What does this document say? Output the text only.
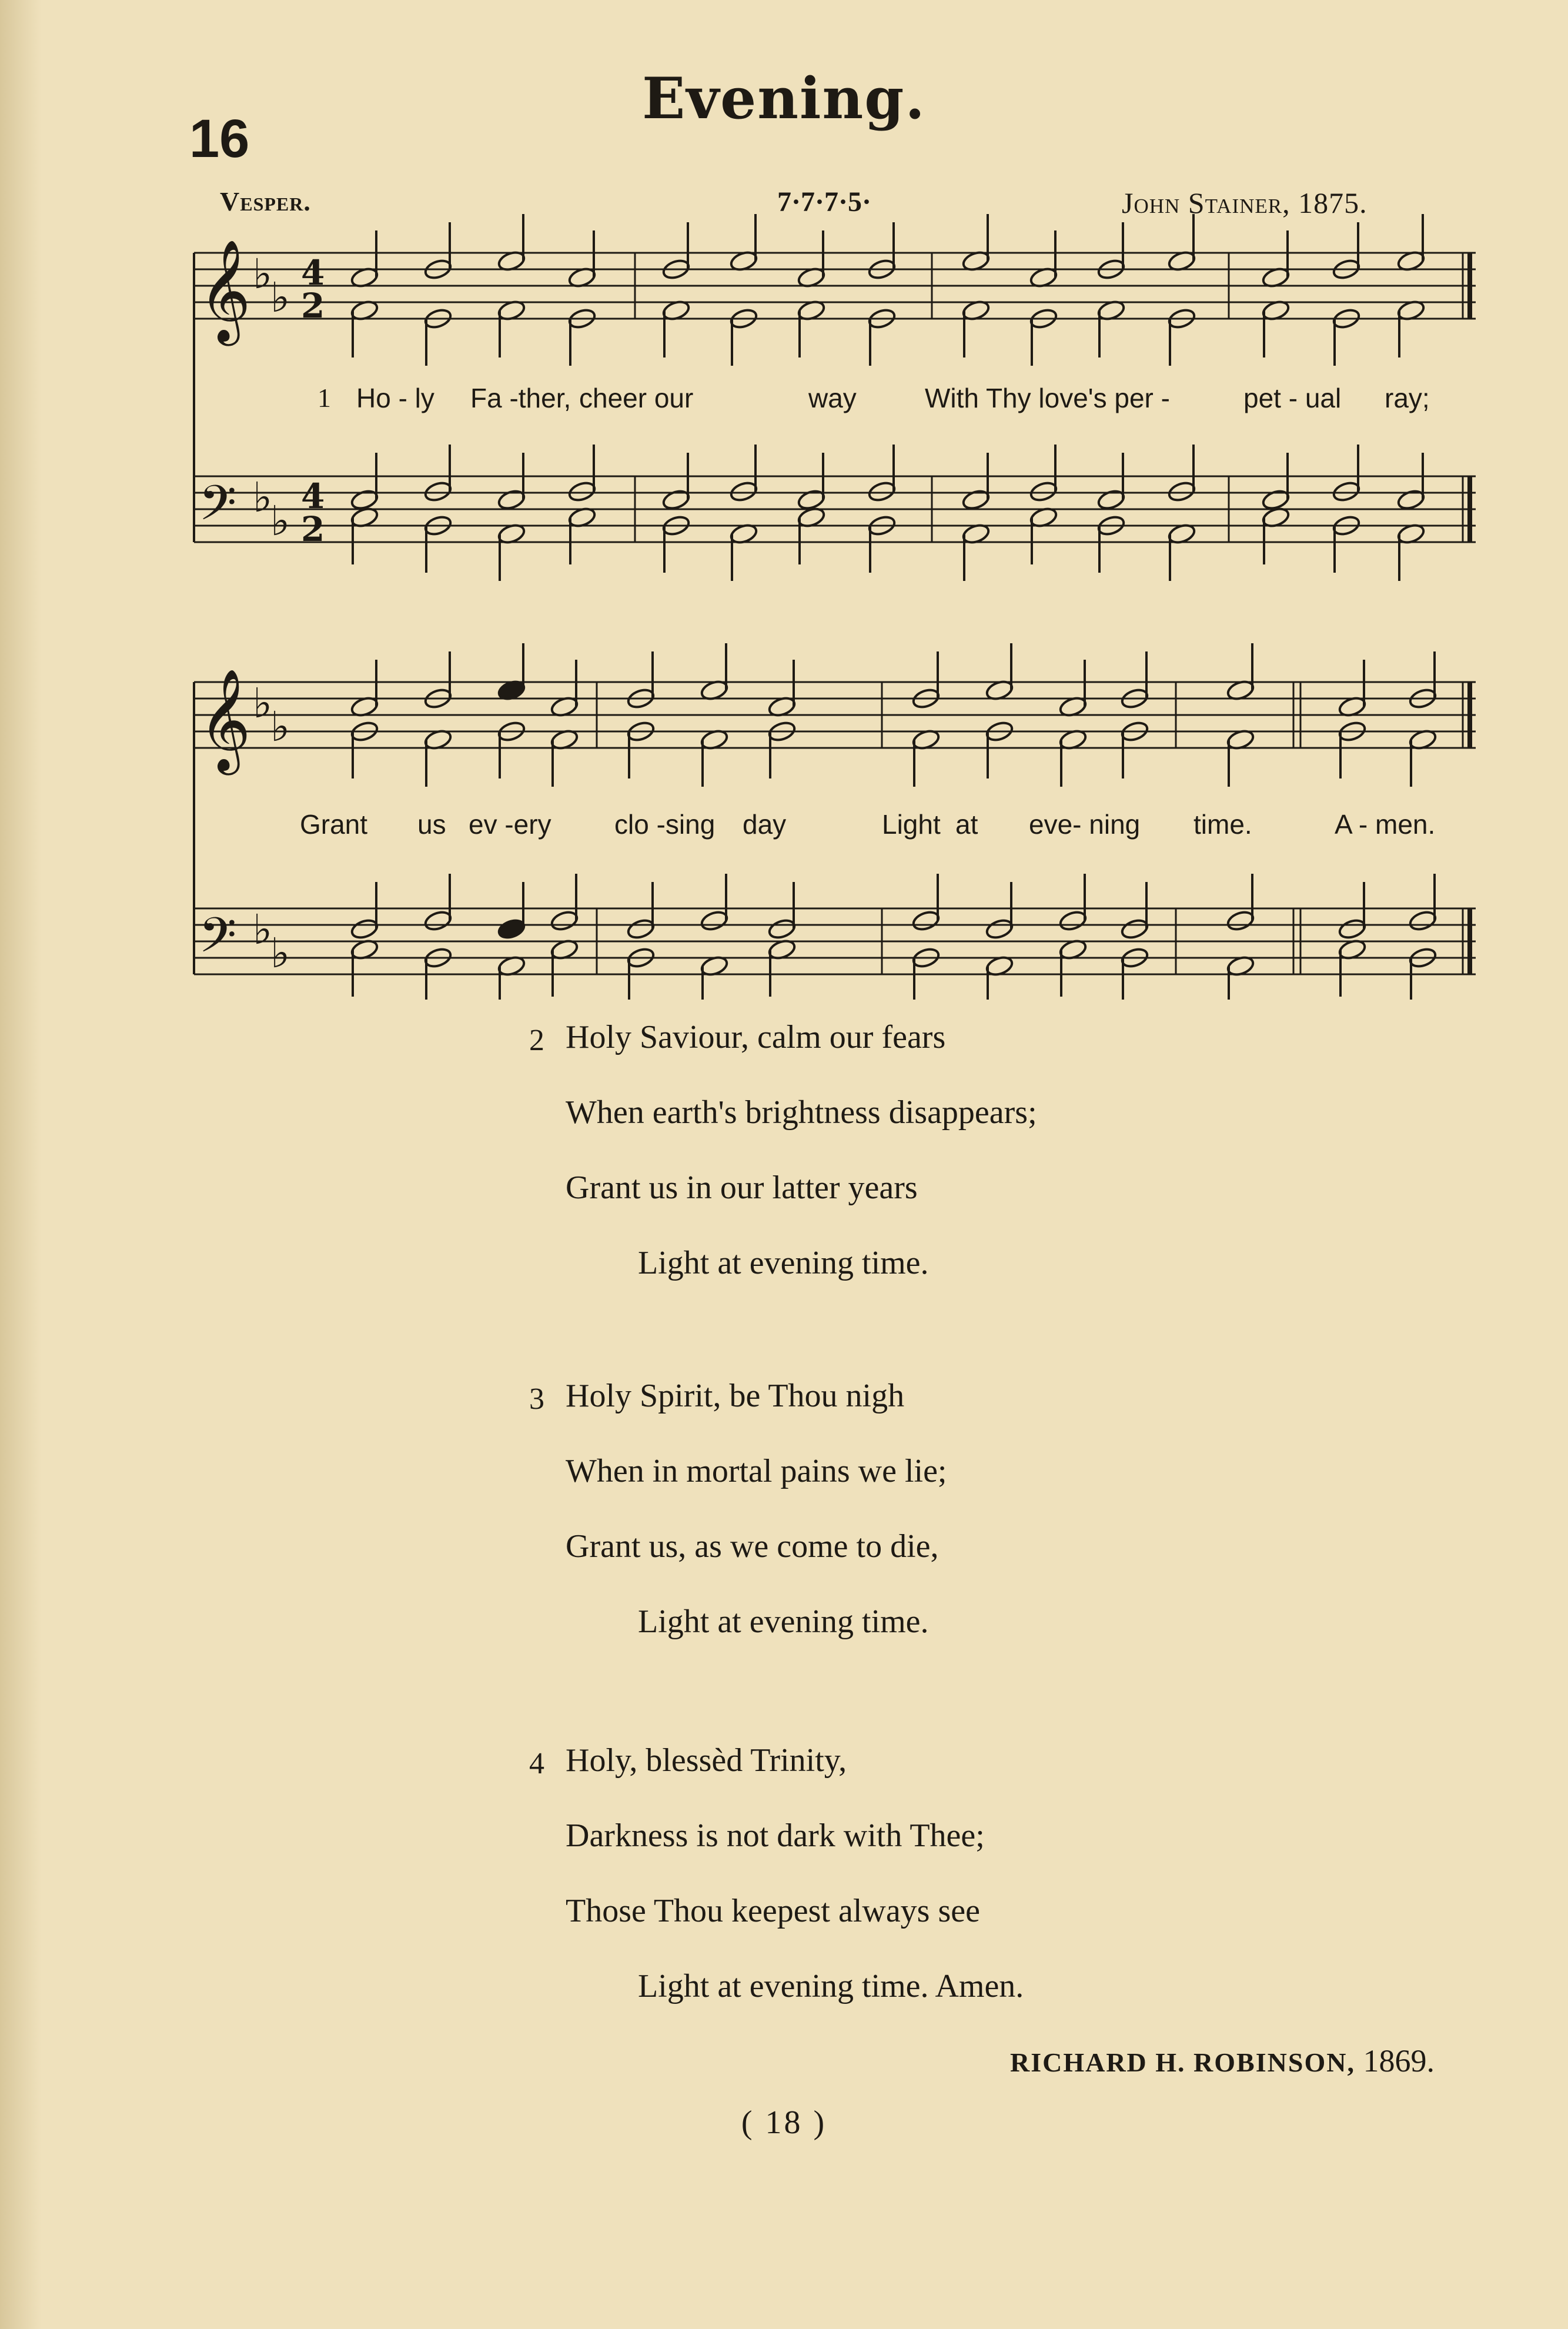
16
Evening.
Vesper.	7·7·7·5·	John Stainer, 1875.
𝄞
𝄢
𝄞
𝄢
♭
♭
♭
♭
♭
♭
♭
♭
4
2
4
2
1 Ho - ly Fa -ther, cheer our	way	With Thy love's per -	pet - ual ray;
Grant us ev -ery clo -sing day	Light at eve- ning time.	A - men.
2 Holy Saviour, calm our fears
When earth's brightness disappears;
Grant us in our latter years
Light at evening time.
3 Holy Spirit, be Thou nigh
When in mortal pains we lie;
Grant us, as we come to die,
Light at evening time.
4 Holy, blessèd Trinity,
Darkness is not dark with Thee;
Those Thou keepest always see
Light at evening time. Amen.
RICHARD H. ROBINSON, 1869.
( 18 )
